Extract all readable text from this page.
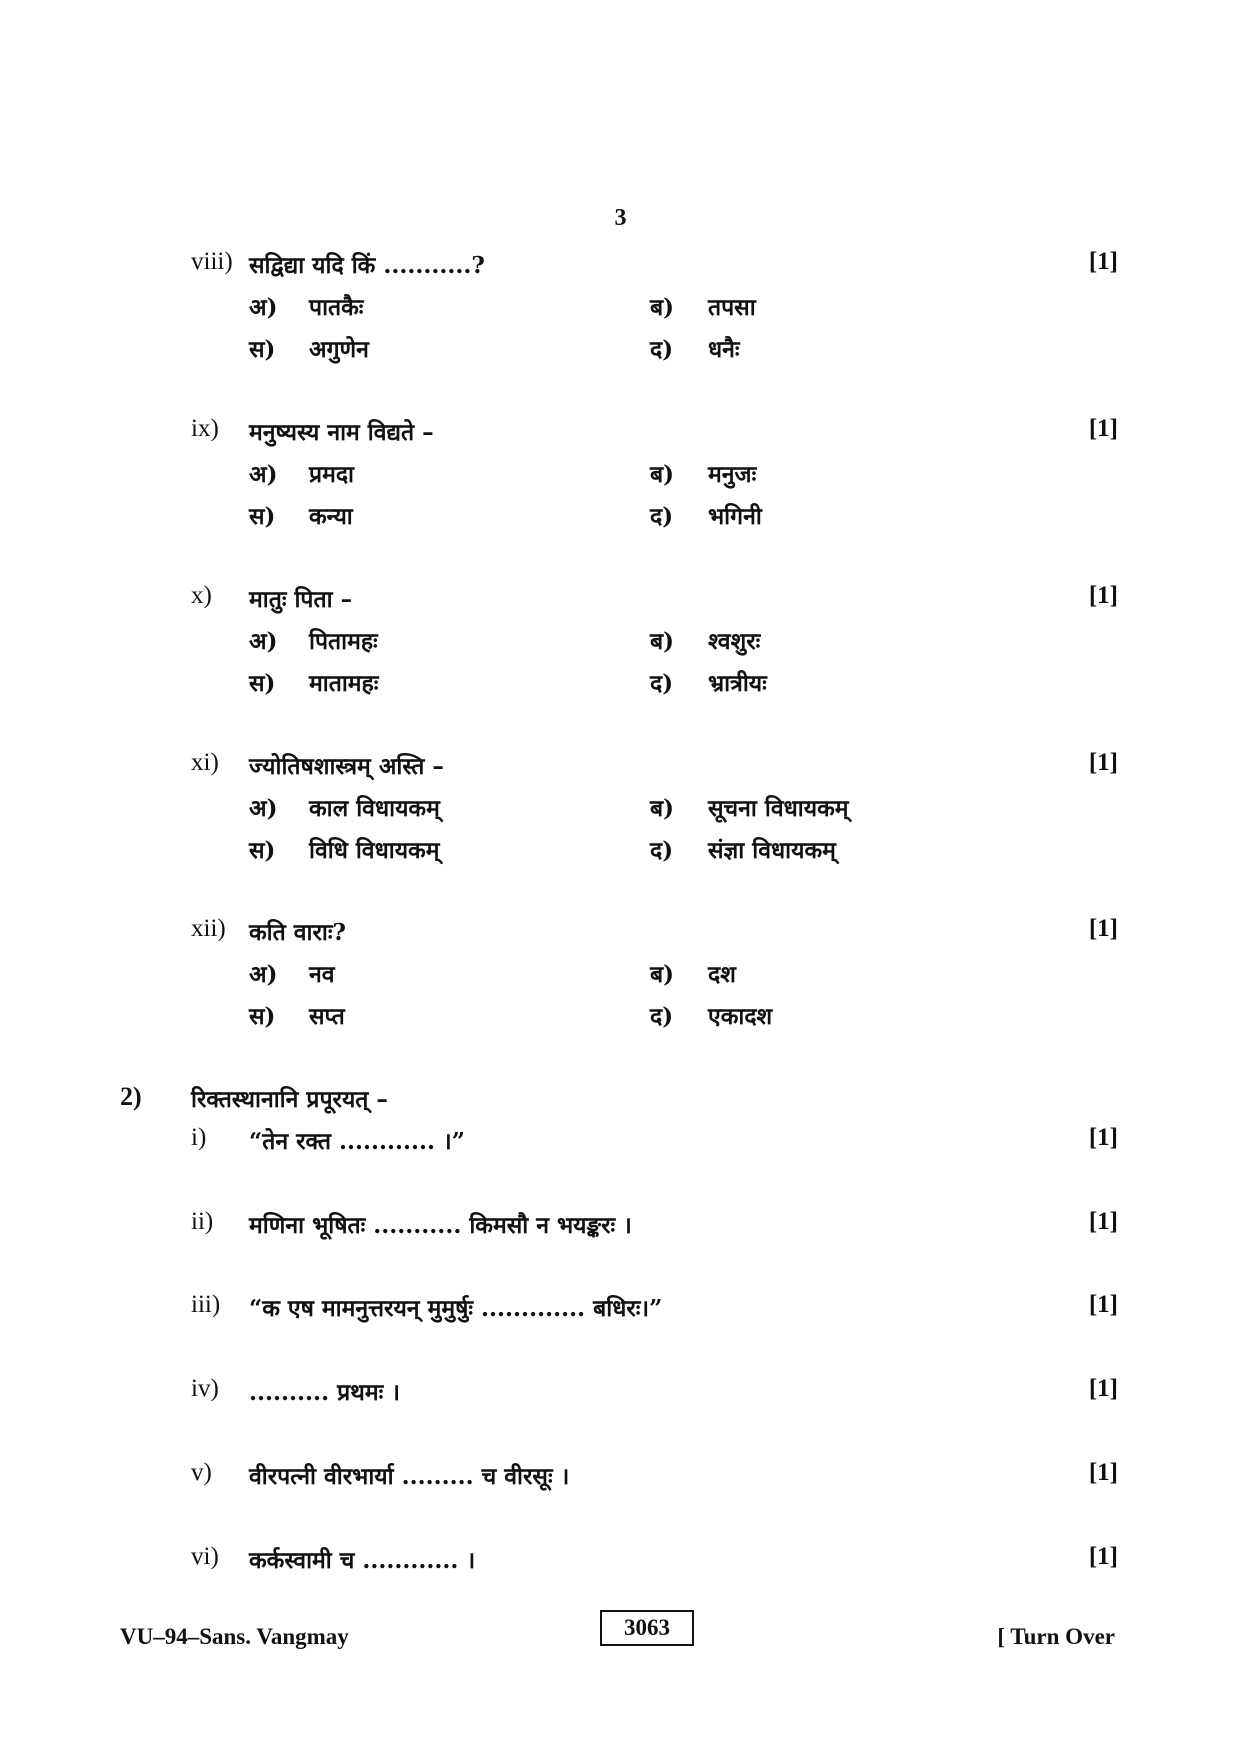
3
viii) सद्विद्या यदि किं ...........?	[1]
अ) पातकैः	ब) तपसा
स) अगुणेन	द) धनैः
ix) मनुष्यस्य नाम विद्यते –	[1]
अ) प्रमदा	ब) मनुजः
स) कन्या	द) भगिनी
x) मातुः पिता –	[1]
अ) पितामहः	ब) श्वशुरः
स) मातामहः	द) भ्रात्रीयः
xi) ज्योतिषशास्त्रम् अस्ति –	[1]
अ) काल विधायकम्	ब) सूचना विधायकम्
स) विधि विधायकम्	द) संज्ञा विधायकम्
xii) कति वाराः?	[1]
अ) नव	ब) दश
स) सप्त	द) एकादश
2) रिक्तस्थानानि प्रपूरयत् –
i) “तेन रक्त ............ ।”	[1]
ii) मणिना भूषितः ........... किमसौ न भयङ्करः ।	[1]
iii) “क एष मामनुत्तरयन् मुमुर्षुः ............. बधिरः।”	[1]
iv) .......... प्रथमः ।	[1]
v) वीरपत्नी वीरभार्या ......... च वीरसूः ।	[1]
vi) कर्कस्वामी च ............ ।	[1]
VU–94–Sans. Vangmay	3063	[ Turn Over
